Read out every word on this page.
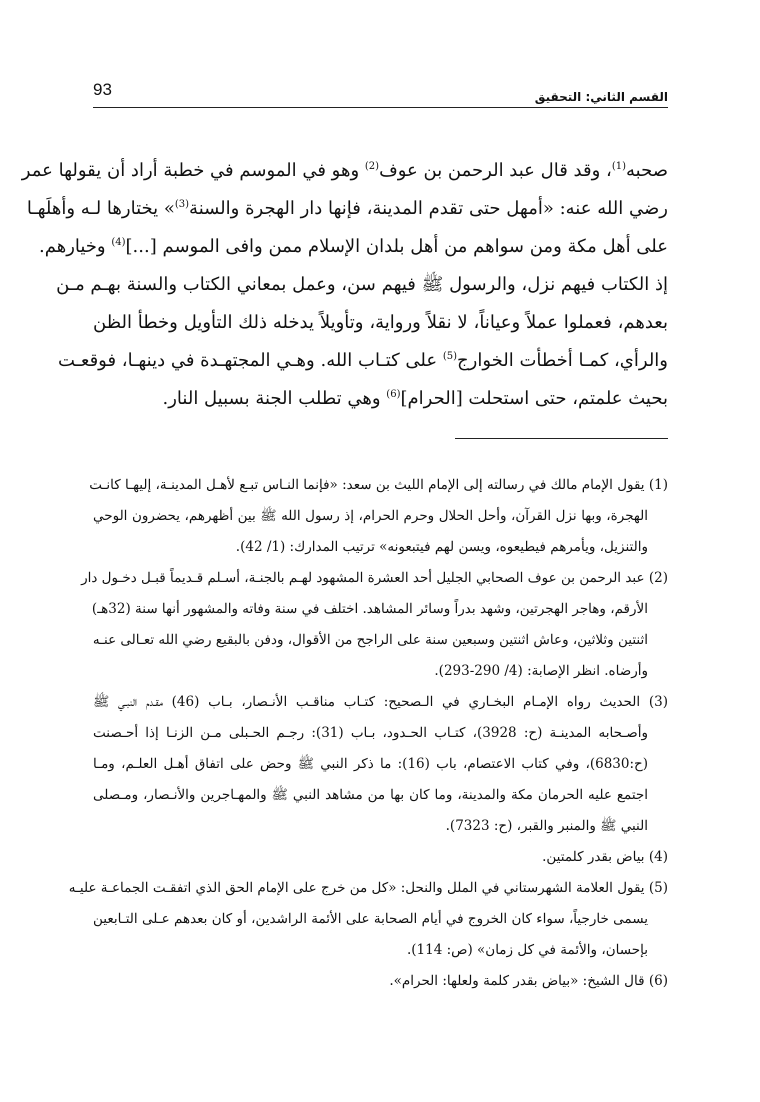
93	القسم الثاني: التحقيق
صحبه$^{(1)}$، وقد قال عبد الرحمن بن عوف$^{(2)}$ وهو في الموسم في خطبة أراد أن يقولها عمر
رضي الله عنه: «أمهل حتى تقدم المدينة، فإنها دار الهجرة والسنة$^{(3)}$» يختارها لـه وأهلَهـا
على أهل مكة ومن سواهم من أهل بلدان الإسلام ممن وافى الموسم [...]$^{(4)}$ وخيارهم.
إذ الكتاب فيهم نزل، والرسول ﷺ فيهم سن، وعمل بمعاني الكتاب والسنة بهـم مـن
بعدهم، فعملوا عملاً وعياناً، لا نقلاً ورواية، وتأويلاً يدخله ذلك التأويل وخطأ الظن
والرأي، كمـا أخطأت الخوارج$^{(5)}$ على كتـاب الله. وهـي المجتهـدة في دينهـا، فوقعـت
بحيث علمتم، حتى استحلت [الحرام]$^{(6)}$ وهي تطلب الجنة بسبيل النار.
(1) يقول الإمام مالك في رسالته إلى الإمام الليث بن سعد: «فإنما النـاس تبـع لأهـل المدينـة، إليهـا كانـت
الهجرة، وبها نزل القرآن، وأحل الحلال وحرم الحرام، إذ رسول الله ﷺ بين أظهرهم، يحضرون الوحي
والتنزيل، ويأمرهم فيطيعوه، ويسن لهم فيتبعونه» ترتيب المدارك: (1/ 42).
(2) عبد الرحمن بن عوف الصحابي الجليل أحد العشرة المشهود لهـم بالجنـة، أسـلم قـديماً قبـل دخـول دار
الأرقم، وهاجر الهجرتين، وشهد بدراً وسائر المشاهد. اختلف في سنة وفاته والمشهور أنها سنة (32هـ)
اثنتين وثلاثين، وعاش اثنتين وسبعين سنة على الراجح من الأقوال، ودفن بالبقيع رضي الله تعـالى عنـه
وأرضاه. انظر الإصابة: (4/ 290-293).
(3) الحديث رواه الإمـام البخـاري في الـصحيح: كتـاب مناقـب الأنـصار، بـاب (46) مقـدم النبـي ﷺ
وأصـحابه المدينـة (ح: 3928)، كتـاب الحـدود، بـاب (31): رجـم الحـبلى مـن الزنـا إذا أحـصنت
(ح:6830)، وفي كتاب الاعتصام، باب (16): ما ذكر النبي ﷺ وحض على اتفاق أهـل العلـم، ومـا
اجتمع عليه الحرمان مكة والمدينة، وما كان بها من مشاهد النبي ﷺ والمهـاجرين والأنـصار، ومـصلى
النبي ﷺ والمنبر والقبر، (ح: 7323).
(4) بياض بقدر كلمتين.
(5) يقول العلامة الشهرستاني في الملل والنحل: «كل من خرج على الإمام الحق الذي اتفقـت الجماعـة عليـه
يسمى خارجياً، سواء كان الخروج في أيام الصحابة على الأئمة الراشدين، أو كان بعدهم عـلى التـابعين
بإحسان، والأئمة في كل زمان» (ص: 114).
(6) قال الشيخ: «بياض بقدر كلمة ولعلها: الحرام».
